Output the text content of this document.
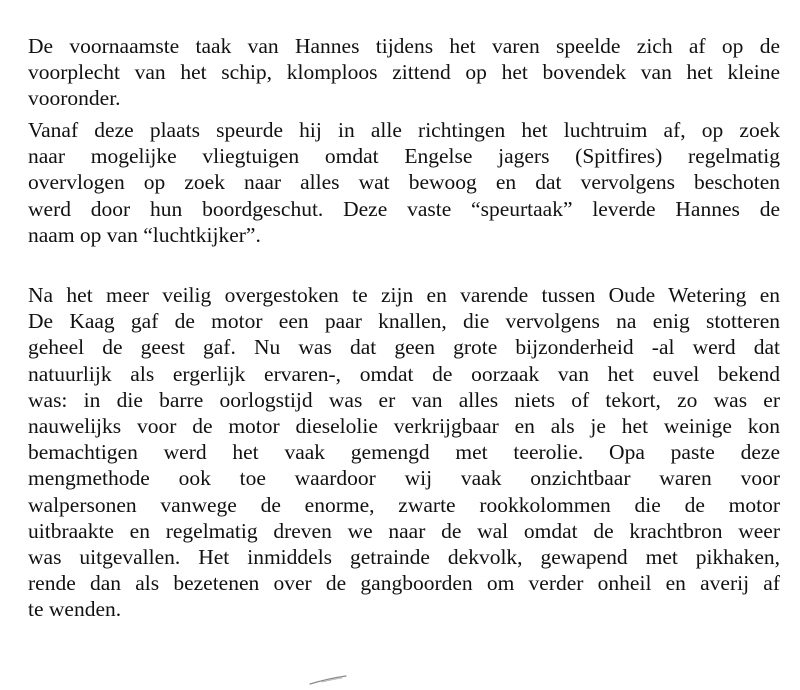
De voornaamste taak van Hannes tijdens het varen speelde zich af op de
voorplecht van het schip, klomploos zittend op het bovendek van het kleine
vooronder.

Vanaf deze plaats speurde hij in alle richtingen het luchtruim af, op zoek
naar mogelijke vliegtuigen omdat Engelse jagers (Spitfires) regelmatig
overvlogen op zoek naar alles wat bewoog en dat vervolgens beschoten
werd door hun boordgeschut. Deze vaste “speurtaak” leverde Hannes de
naam op van “luchtkijker”.

Na het meer veilig overgestoken te zijn en varende tussen Oude Wetering en
De Kaag gaf de motor een paar knallen, die vervolgens na enig stotteren
geheel de geest gaf. Nu was dat geen grote bijzonderheid -al werd dat
natuurlijk als ergerlijk ervaren-, omdat de oorzaak van het euvel bekend
was: in die barre oorlogstijd was er van alles niets of tekort, zo was er
nauwelijks voor de motor dieselolie verkrijgbaar en als je het weinige kon
bemachtigen werd het vaak gemengd met teerolie. Opa paste deze
mengmethode ook toe waardoor wij vaak onzichtbaar waren voor
walpersonen vanwege de enorme, zwarte rookkolommen die de motor
uitbraakte en regelmatig dreven we naar de wal omdat de krachtbron weer
was uitgevallen. Het inmiddels getrainde dekvolk, gewapend met pikhaken,
rende dan als bezetenen over de gangboorden om verder onheil en averij af
te wenden.
